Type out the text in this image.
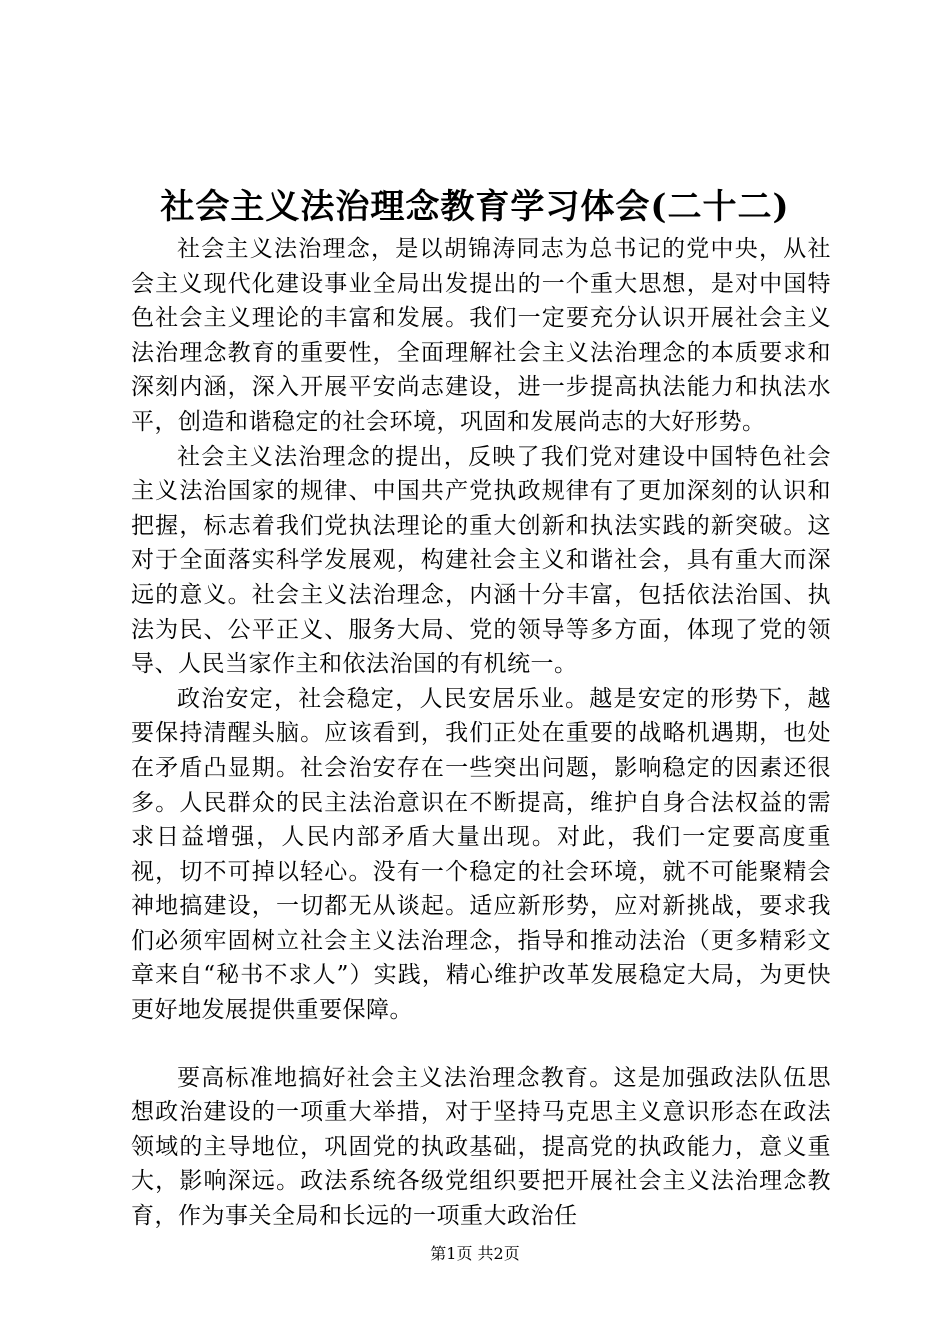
社会主义法治理念教育学习体会(二十二)

社会主义法治理念，是以胡锦涛同志为总书记的党中央，从社会主义现代化建设事业全局出发提出的一个重大思想，是对中国特色社会主义理论的丰富和发展。我们一定要充分认识开展社会主义法治理念教育的重要性，全面理解社会主义法治理念的本质要求和深刻内涵，深入开展平安尚志建设，进一步提高执法能力和执法水平，创造和谐稳定的社会环境，巩固和发展尚志的大好形势。

社会主义法治理念的提出，反映了我们党对建设中国特色社会主义法治国家的规律、中国共产党执政规律有了更加深刻的认识和把握，标志着我们党执法理论的重大创新和执法实践的新突破。这对于全面落实科学发展观，构建社会主义和谐社会，具有重大而深远的意义。社会主义法治理念，内涵十分丰富，包括依法治国、执法为民、公平正义、服务大局、党的领导等多方面，体现了党的领导、人民当家作主和依法治国的有机统一。

政治安定，社会稳定，人民安居乐业。越是安定的形势下，越要保持清醒头脑。应该看到，我们正处在重要的战略机遇期，也处在矛盾凸显期。社会治安存在一些突出问题，影响稳定的因素还很多。人民群众的民主法治意识在不断提高，维护自身合法权益的需求日益增强，人民内部矛盾大量出现。对此，我们一定要高度重视，切不可掉以轻心。没有一个稳定的社会环境，就不可能聚精会神地搞建设，一切都无从谈起。适应新形势，应对新挑战，要求我们必须牢固树立社会主义法治理念，指导和推动法治（更多精彩文章来自“秘书不求人”）实践，精心维护改革发展稳定大局，为更快更好地发展提供重要保障。

要高标准地搞好社会主义法治理念教育。这是加强政法队伍思想政治建设的一项重大举措，对于坚持马克思主义意识形态在政法领域的主导地位，巩固党的执政基础，提高党的执政能力，意义重大，影响深远。政法系统各级党组织要把开展社会主义法治理念教育，作为事关全局和长远的一项重大政治任

第1页 共2页
